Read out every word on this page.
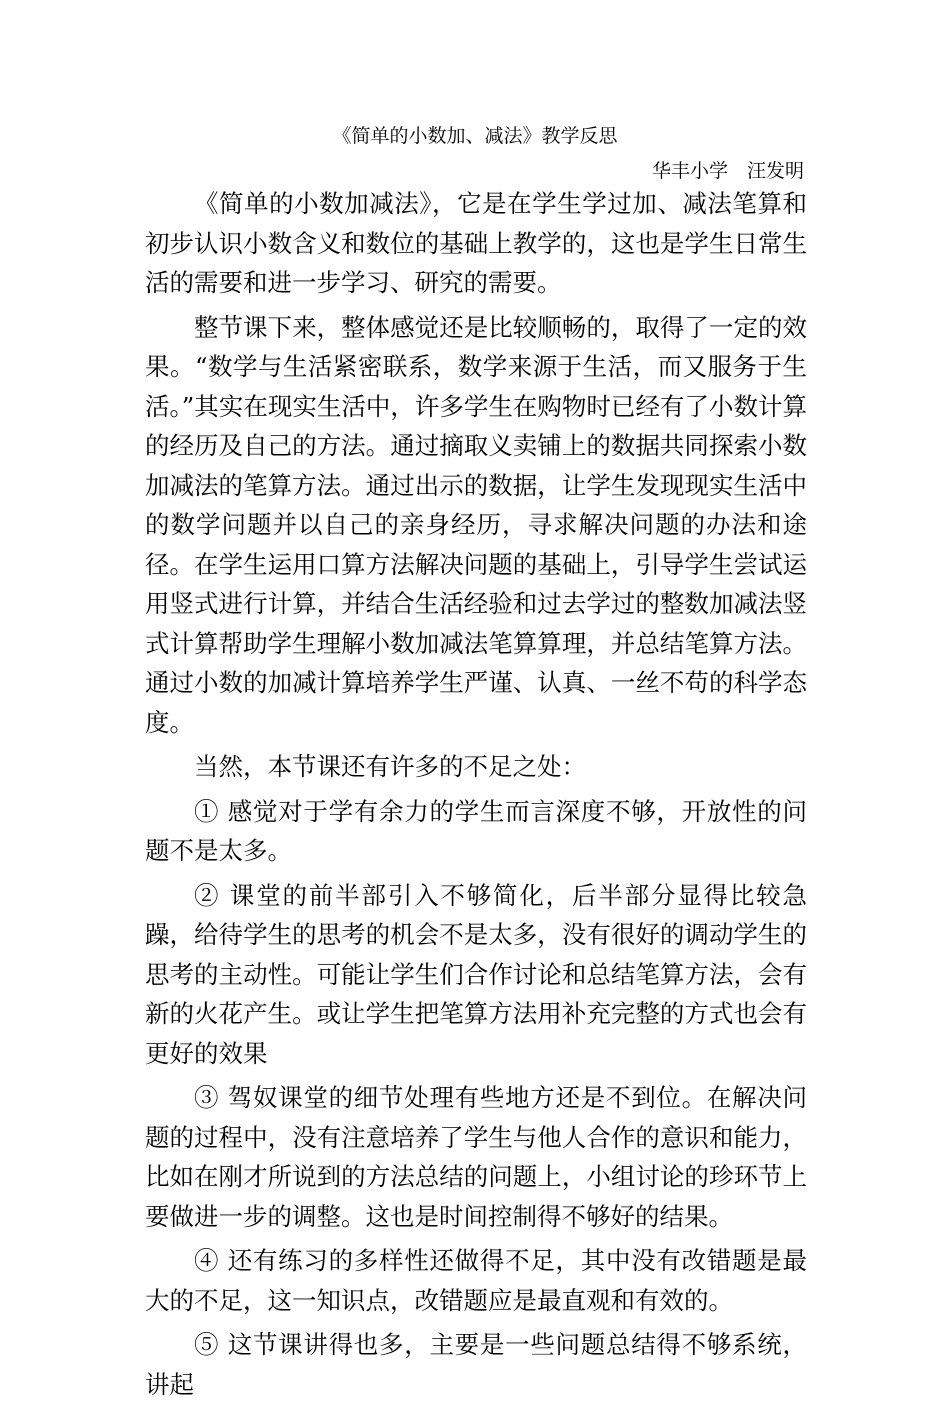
《简单的小数加、减法》教学反思
华丰小学　汪发明

《简单的小数加减法》，它是在学生学过加、减法笔算和初步认识小数含义和数位的基础上教学的，这也是学生日常生活的需要和进一步学习、研究的需要。

整节课下来，整体感觉还是比较顺畅的，取得了一定的效果。“数学与生活紧密联系，数学来源于生活，而又服务于生活。”其实在现实生活中，许多学生在购物时已经有了小数计算的经历及自己的方法。通过摘取义卖铺上的数据共同探索小数加减法的笔算方法。通过出示的数据，让学生发现现实生活中的数学问题并以自己的亲身经历，寻求解决问题的办法和途径。在学生运用口算方法解决问题的基础上，引导学生尝试运用竖式进行计算，并结合生活经验和过去学过的整数加减法竖式计算帮助学生理解小数加减法笔算算理，并总结笔算方法。通过小数的加减计算培养学生严谨、认真、一丝不苟的科学态度。

当然，本节课还有许多的不足之处：

① 感觉对于学有余力的学生而言深度不够，开放性的问题不是太多。

② 课堂的前半部引入不够简化，后半部分显得比较急躁，给待学生的思考的机会不是太多，没有很好的调动学生的思考的主动性。可能让学生们合作讨论和总结笔算方法，会有新的火花产生。或让学生把笔算方法用补充完整的方式也会有更好的效果

③ 驾奴课堂的细节处理有些地方还是不到位。在解决问题的过程中，没有注意培养了学生与他人合作的意识和能力，比如在刚才所说到的方法总结的问题上，小组讨论的珍环节上要做进一步的调整。这也是时间控制得不够好的结果。

④ 还有练习的多样性还做得不足，其中没有改错题是最大的不足，这一知识点，改错题应是最直观和有效的。

⑤ 这节课讲得也多，主要是一些问题总结得不够系统，讲起
